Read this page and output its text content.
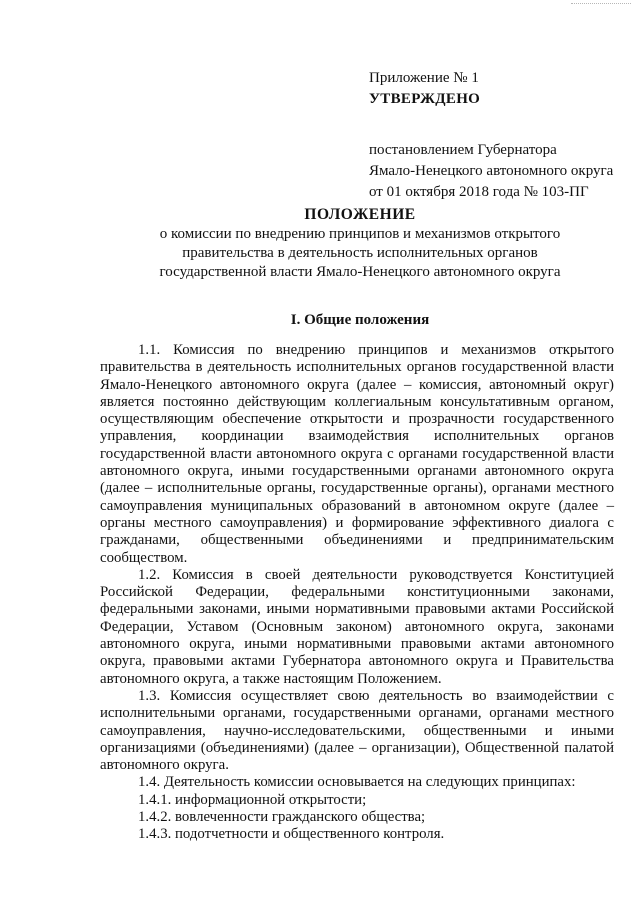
Приложение № 1
УТВЕРЖДЕНО
постановлением Губернатора
Ямало-Ненецкого автономного округа
от 01 октября 2018 года № 103-ПГ
ПОЛОЖЕНИЕ
о комиссии по внедрению принципов и механизмов открытого
правительства в деятельность исполнительных органов
государственной власти Ямало-Ненецкого автономного округа
I. Общие положения

1.1. Комиссия по внедрению принципов и механизмов открытого правительства в деятельность исполнительных органов государственной власти Ямало-Ненецкого автономного округа (далее – комиссия, автономный округ) является постоянно действующим коллегиальным консультативным органом, осуществляющим обеспечение открытости и прозрачности государственного управления, координации взаимодействия исполнительных органов государственной власти автономного округа с органами государственной власти автономного округа, иными государственными органами автономного округа (далее – исполнительные органы, государственные органы), органами местного самоуправления муниципальных образований в автономном округе (далее – органы местного самоуправления) и формирование эффективного диалога с гражданами, общественными объединениями и предпринимательским сообществом.

1.2. Комиссия в своей деятельности руководствуется Конституцией Российской Федерации, федеральными конституционными законами, федеральными законами, иными нормативными правовыми актами Российской Федерации, Уставом (Основным законом) автономного округа, законами автономного округа, иными нормативными правовыми актами автономного округа, правовыми актами Губернатора автономного округа и Правительства автономного округа, а также настоящим Положением.

1.3. Комиссия осуществляет свою деятельность во взаимодействии с исполнительными органами, государственными органами, органами местного самоуправления, научно-исследовательскими, общественными и иными организациями (объединениями) (далее – организации), Общественной палатой автономного округа.

1.4. Деятельность комиссии основывается на следующих принципах:

1.4.1. информационной открытости;

1.4.2. вовлеченности гражданского общества;

1.4.3. подотчетности и общественного контроля.
